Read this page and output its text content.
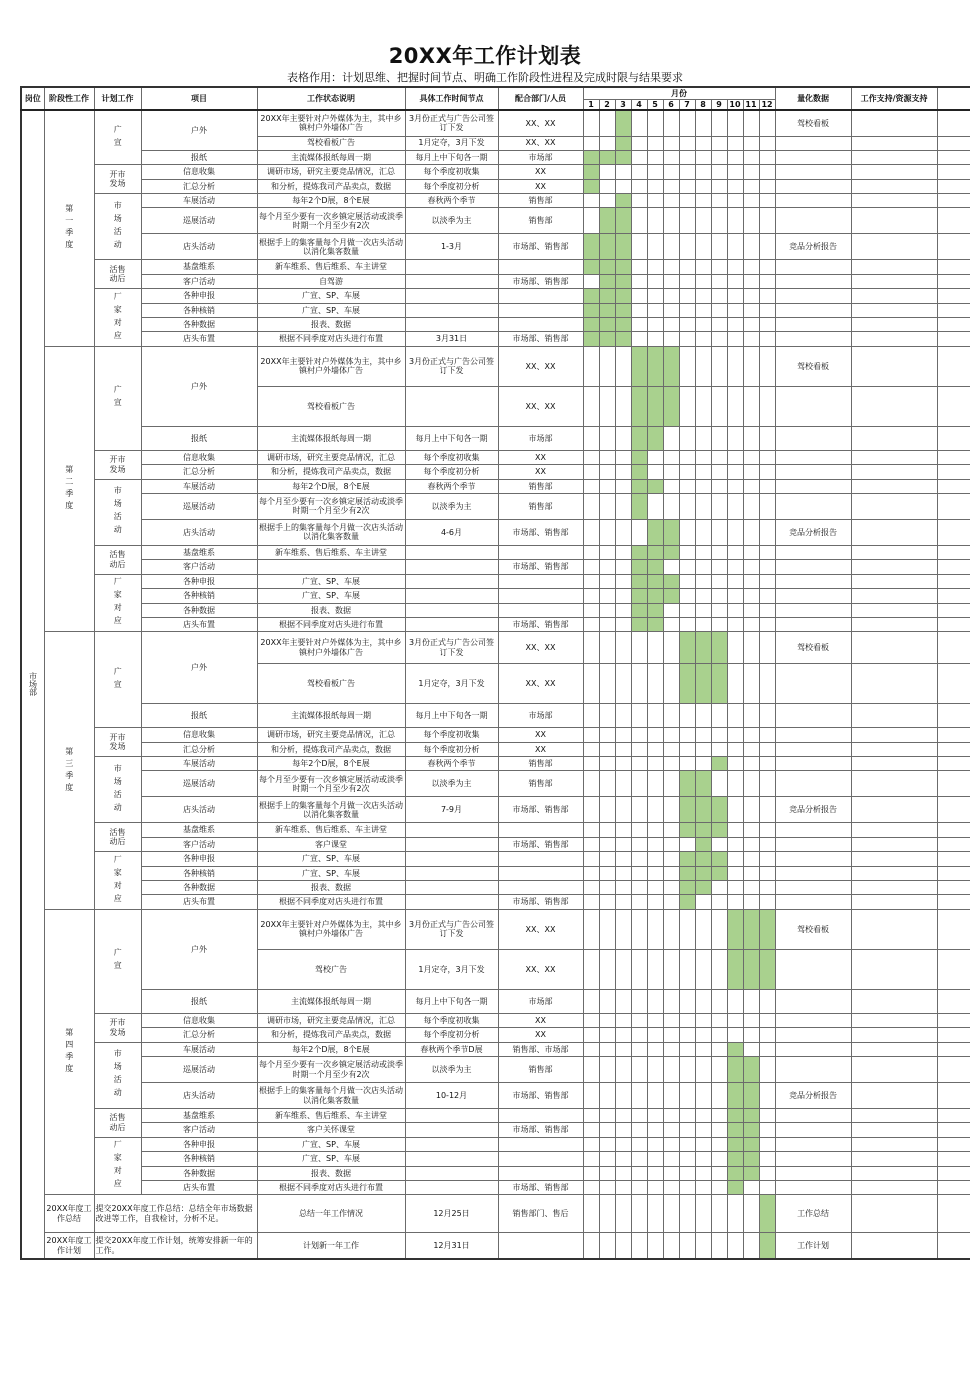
20XX年工作计划表
表格作用：计划思维、把握时间节点、明确工作阶段性进程及完成时限与结果要求
岗位	阶段性工作	计划工作	项目	工作状态说明	具体工作时间节点	配合部门/人员	月份												量化数据	工作支持/资源支持	
							1	2	3	4	5	6	7	8	9	10	11	12			
市场部	第一季度	广宣	户外	20XX年主要针对户外媒体为主，其中乡镇村户外墙体广告	3月份正式与广告公司签订下发	XX、XX													驾校看板		
				驾校看板广告	1月定夺，3月下发	XX、XX															
			报纸	主流媒体报纸每周一期	每月上中下旬各一期	市场部															
		开市发场	信息收集	调研市场，研究主要竞品情况，汇总	每个季度初收集	XX															
			汇总分析	和分析，提炼我司产品卖点，数据	每个季度初分析	XX															
		市场活动	车展活动	每年2个D展，8个E展	春秋两个季节	销售部															
			巡展活动	每个月至少要有一次乡镇定展活动或淡季时期一个月至少有2次	以淡季为主	销售部															
			店头活动	根据手上的集客量每个月做一次店头活动以消化集客数量	1-3月	市场部、销售部													竞品分析报告		
		活售动后	基盘维系	新车维系、售后维系、车主讲堂																	
			客户活动	自驾游		市场部、销售部															
		厂家对应	各种申报	广宣、SP、车展																	
			各种核销	广宣、SP、车展																	
			各种数据	报表、数据																	
			店头布置	根据不同季度对店头进行布置	3月31日	市场部、销售部															
	第二季度	广宣	户外	20XX年主要针对户外媒体为主，其中乡镇村户外墙体广告	3月份正式与广告公司签订下发	XX、XX													驾校看板		
				驾校看板广告		XX、XX															
			报纸	主流媒体报纸每周一期	每月上中下旬各一期	市场部															
		开市发场	信息收集	调研市场，研究主要竞品情况，汇总	每个季度初收集	XX															
			汇总分析	和分析，提炼我司产品卖点，数据	每个季度初分析	XX															
		市场活动	车展活动	每年2个D展，8个E展	春秋两个季节	销售部															
			巡展活动	每个月至少要有一次乡镇定展活动或淡季时期一个月至少有2次	以淡季为主	销售部															
			店头活动	根据手上的集客量每个月做一次店头活动以消化集客数量	4-6月	市场部、销售部													竞品分析报告		
		活售动后	基盘维系	新车维系、售后维系、车主讲堂																	
			客户活动			市场部、销售部															
		厂家对应	各种申报	广宣、SP、车展																	
			各种核销	广宣、SP、车展																	
			各种数据	报表、数据																	
			店头布置	根据不同季度对店头进行布置		市场部、销售部															
	第三季度	广宣	户外	20XX年主要针对户外媒体为主，其中乡镇村户外墙体广告	3月份正式与广告公司签订下发	XX、XX													驾校看板		
				驾校看板广告	1月定夺，3月下发	XX、XX															
			报纸	主流媒体报纸每周一期	每月上中下旬各一期	市场部															
		开市发场	信息收集	调研市场，研究主要竞品情况，汇总	每个季度初收集	XX															
			汇总分析	和分析，提炼我司产品卖点，数据	每个季度初分析	XX															
		市场活动	车展活动	每年2个D展，8个E展	春秋两个季节	销售部															
			巡展活动	每个月至少要有一次乡镇定展活动或淡季时期一个月至少有2次	以淡季为主	销售部															
			店头活动	根据手上的集客量每个月做一次店头活动以消化集客数量	7-9月	市场部、销售部													竞品分析报告		
		活售动后	基盘维系	新车维系、售后维系、车主讲堂																	
			客户活动	客户课堂		市场部、销售部															
		厂家对应	各种申报	广宣、SP、车展																	
			各种核销	广宣、SP、车展																	
			各种数据	报表、数据																	
			店头布置	根据不同季度对店头进行布置		市场部、销售部															
	第四季度	广宣	户外	20XX年主要针对户外媒体为主，其中乡镇村户外墙体广告	3月份正式与广告公司签订下发	XX、XX													驾校看板		
				驾校广告	1月定夺，3月下发	XX、XX															
			报纸	主流媒体报纸每周一期	每月上中下旬各一期	市场部															
		开市发场	信息收集	调研市场，研究主要竞品情况，汇总	每个季度初收集	XX															
			汇总分析	和分析，提炼我司产品卖点，数据	每个季度初分析	XX															
		市场活动	车展活动	每年2个D展，8个E展	春秋两个季节D展	销售部、市场部															
			巡展活动	每个月至少要有一次乡镇定展活动或淡季时期一个月至少有2次	以淡季为主	销售部															
			店头活动	根据手上的集客量每个月做一次店头活动以消化集客数量	10-12月	市场部、销售部													竞品分析报告		
		活售动后	基盘维系	新车维系、售后维系、车主讲堂																	
			客户活动	客户关怀课堂		市场部、销售部															
		厂家对应	各种申报	广宣、SP、车展																	
			各种核销	广宣、SP、车展																	
			各种数据	报表、数据																	
			店头布置	根据不同季度对店头进行布置		市场部、销售部															
	20XX年度工作总结	提交20XX年度工作总结：总结全年市场数据改进等工作，自我检讨，分析不足。		总结一年工作情况	12月25日	销售部门、售后													工作总结		
	20XX年度工作计划	提交20XX年度工作计划，统筹安排新一年的工作。		计划新一年工作	12月31日														工作计划		
